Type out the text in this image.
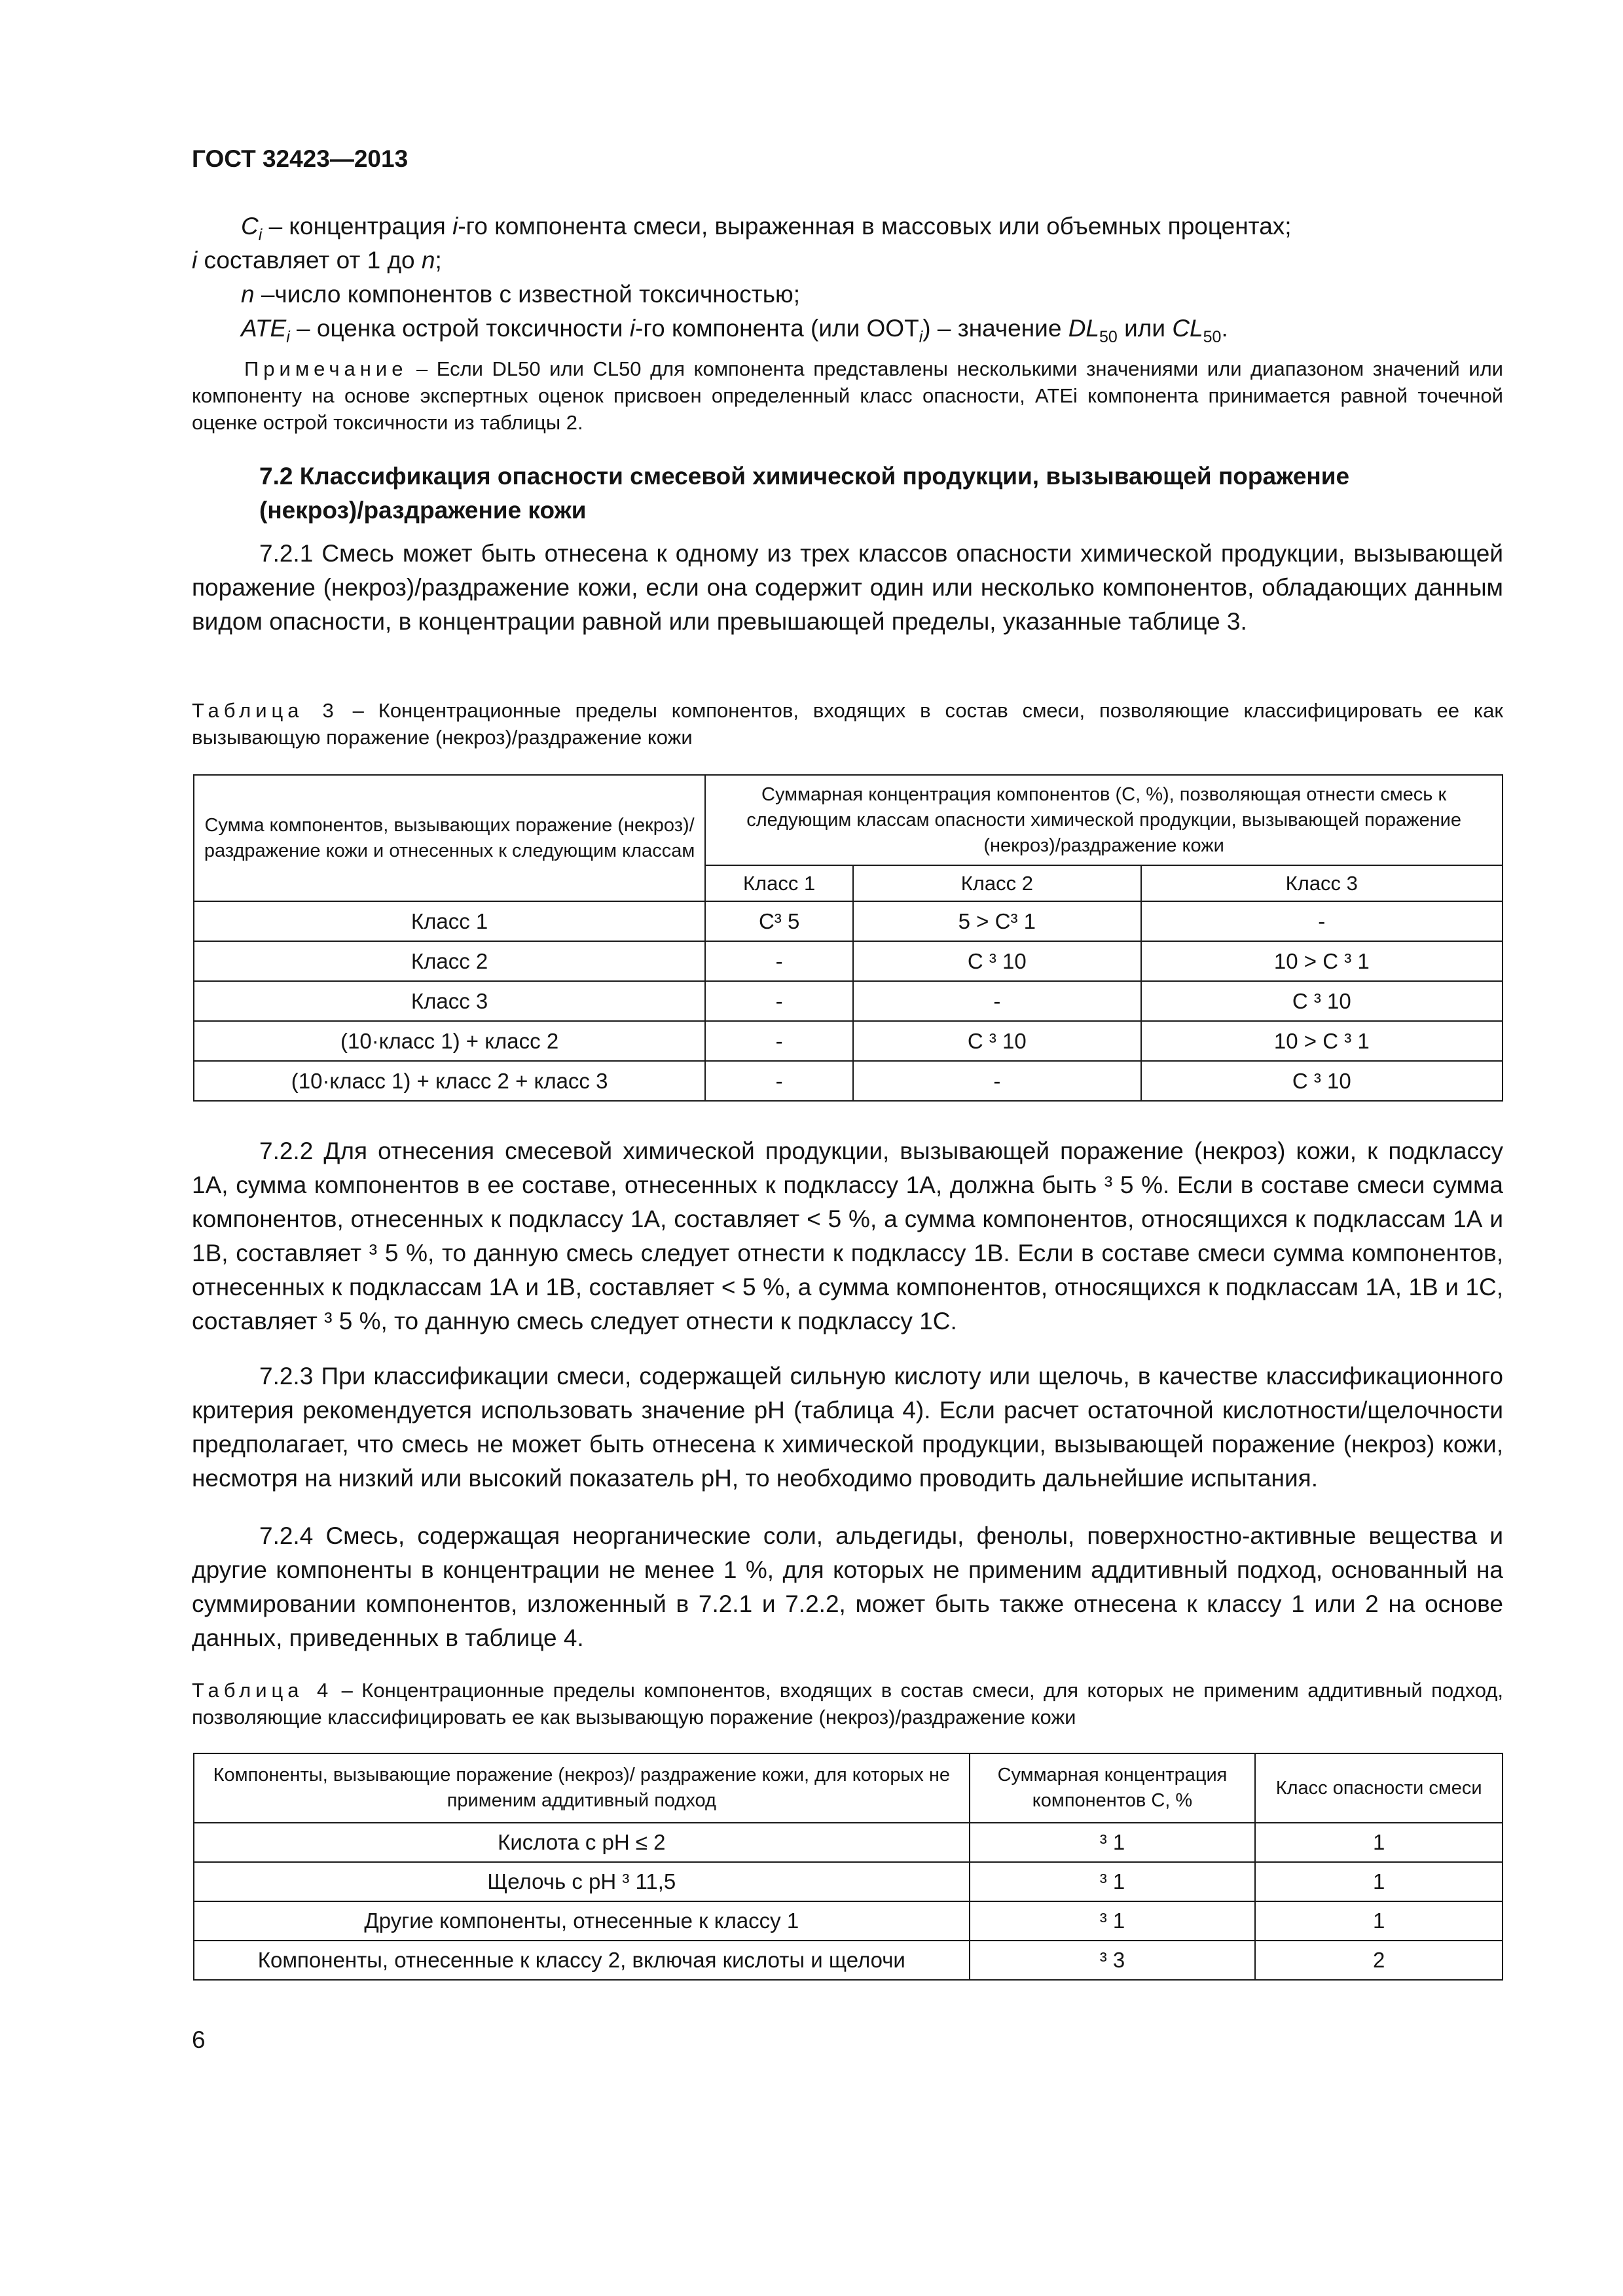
ГОСТ 32423—2013
$C_i$ – концентрация i-го компонента смеси, выраженная в массовых или объемных процентах;
i составляет от 1 до n;
n –число компонентов с известной токсичностью;
$ATE_i$ – оценка острой токсичности i-го компонента (или $ООТ_i$) – значение $DL_{50}$ или $CL_{50}$.
Примечание – Если DL50 или CL50 для компонента представлены несколькими значениями или диапазоном значений или компоненту на основе экспертных оценок присвоен определенный класс опасности, ATEi компонента принимается равной точечной оценке острой токсичности из таблицы 2.
7.2 Классификация опасности смесевой химической продукции, вызывающей поражение
(некроз)/раздражение кожи
7.2.1 Смесь может быть отнесена к одному из трех классов опасности химической продукции, вызывающей поражение (некроз)/раздражение кожи, если она содержит один или несколько компонентов, обладающих данным видом опасности, в концентрации равной или превышающей пределы, указанные таблице 3.
Таблица 3 – Концентрационные пределы компонентов, входящих в состав смеси, позволяющие классифицировать ее как вызывающую поражение (некроз)/раздражение кожи
Сумма компонентов, вызывающих поражение (некроз)/ раздражение кожи и отнесенных к следующим классам	Суммарная концентрация компонентов (С, %), позволяющая отнести смесь к следующим классам опасности химической продукции, вызывающей поражение (некроз)/раздражение кожи		
	Класс 1	Класс 2	Класс 3
Класс 1	С³ 5	5 > С³ 1	-
Класс 2	-	С ³ 10	10 > С ³ 1
Класс 3	-	-	С ³ 10
(10·класс 1) + класс 2	-	С ³ 10	10 > С ³ 1
(10·класс 1) + класс 2 + класс 3	-	-	С ³ 10
7.2.2 Для отнесения смесевой химической продукции, вызывающей поражение (некроз) кожи, к подклассу 1А, сумма компонентов в ее составе, отнесенных к подклассу 1А, должна быть ³ 5 %. Если в составе смеси сумма компонентов, отнесенных к подклассу 1А, составляет < 5 %, а сумма компонентов, относящихся к подклассам 1А и 1В, составляет ³ 5 %, то данную смесь следует отнести к подклассу 1В. Если в составе смеси сумма компонентов, отнесенных к подклассам 1А и 1В, составляет < 5 %, а сумма компонентов, относящихся к подклассам 1А, 1В и 1С, составляет ³ 5 %, то данную смесь следует отнести к подклассу 1С.
7.2.3 При классификации смеси, содержащей сильную кислоту или щелочь, в качестве классификационного критерия рекомендуется использовать значение рН (таблица 4). Если расчет остаточной кислотности/щелочности предполагает, что смесь не может быть отнесена к химической продукции, вызывающей поражение (некроз) кожи, несмотря на низкий или высокий показатель рН, то необходимо проводить дальнейшие испытания.
7.2.4 Смесь, содержащая неорганические соли, альдегиды, фенолы, поверхностно-активные вещества и другие компоненты в концентрации не менее 1 %, для которых не применим аддитивный подход, основанный на суммировании компонентов, изложенный в 7.2.1 и 7.2.2, может быть также отнесена к классу 1 или 2 на основе данных, приведенных в таблице 4.
Таблица 4 – Концентрационные пределы компонентов, входящих в состав смеси, для которых не применим аддитивный подход, позволяющие классифицировать ее как вызывающую поражение (некроз)/раздражение кожи
Компоненты, вызывающие поражение (некроз)/ раздражение кожи, для которых не применим аддитивный подход	Суммарная концентрация компонентов С, %	Класс опасности смеси
Кислота с рН ≤ 2	³ 1	1
Щелочь с рН ³ 11,5	³ 1	1
Другие компоненты, отнесенные к классу 1	³ 1	1
Компоненты, отнесенные к классу 2, включая кислоты и щелочи	³ 3	2
6
